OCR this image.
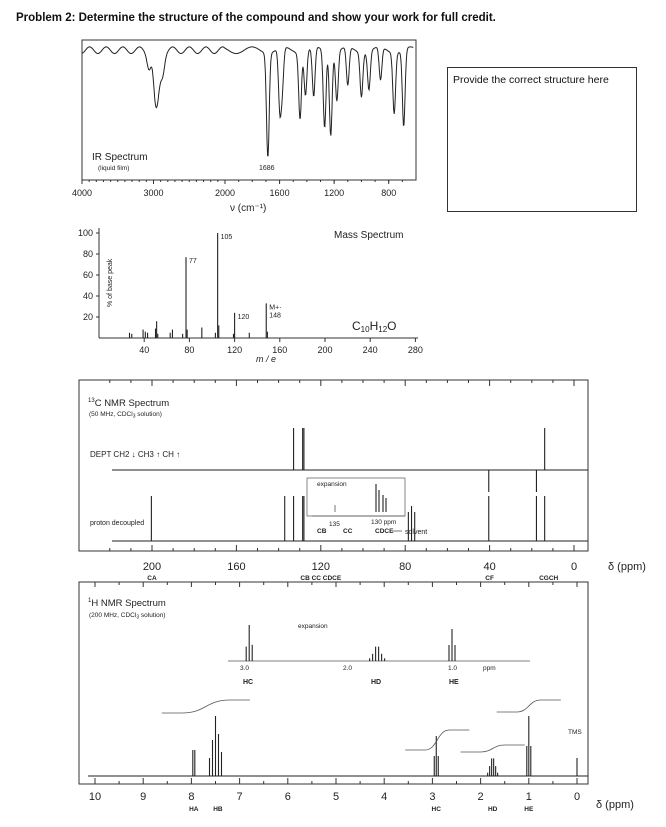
Problem 2: Determine the structure of the compound and show your work for full credit.
Provide the correct structure here
4000	3000	2000	1600	1200	800
IR Spectrum
(liquid film)	1686
ν (cm⁻¹)
100
80
60
40
20
40	80	120	160	200	240	280
105
77
M+·
148
120
% of base peak
Mass Spectrum
C10H12O
m / e
expansion
135	130 ppm
CB	CC	CDCE solvent
$^{13}$C NMR Spectrum
(50 MHz, CDCl$_3$ solution)
DEPT CH2 ↓ CH3 ↑ CH ↑
proton decoupled
200	160	120	80	40	0
CA	CB CC CDCE	CF	CGCH
δ (ppm)
$^1$H NMR Spectrum
(200 MHz, CDCl$_3$ solution)
expansion
3.0	2.0	1.0	ppm
HC	HD	HE
TMS
10	9	8	7	6	5	4	3	2	1	0
HA HB	HC	HD	HE	δ (ppm)
